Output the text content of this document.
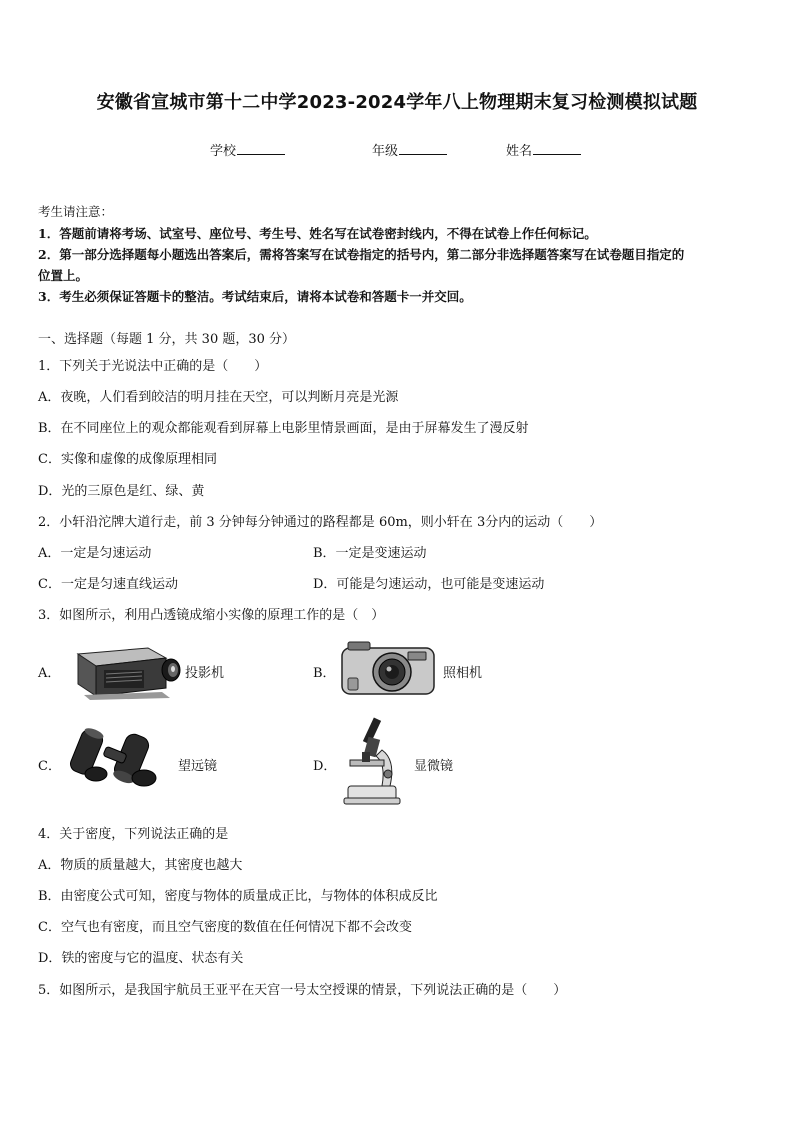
安徽省宣城市第十二中学2023-2024学年八上物理期末复习检测模拟试题
学校	年级	姓名
考生请注意：
1．答题前请将考场、试室号、座位号、考生号、姓名写在试卷密封线内，不得在试卷上作任何标记。
2．第一部分选择题每小题选出答案后，需将答案写在试卷指定的括号内，第二部分非选择题答案写在试卷题目指定的
位置上。
3．考生必须保证答题卡的整洁。考试结束后，请将本试卷和答题卡一并交回。
一、选择题（每题 1 分，共 30 题，30 分）
1．下列关于光说法中正确的是（　　）
A．夜晚，人们看到皎洁的明月挂在天空，可以判断月亮是光源
B．在不同座位上的观众都能观看到屏幕上电影里情景画面，是由于屏幕发生了漫反射
C．实像和虚像的成像原理相同
D．光的三原色是红、绿、黄
2．小轩沿沱牌大道行走，前 3 分钟每分钟通过的路程都是 60m，则小轩在 3分内的运动（　　）
A．一定是匀速运动	B．一定是变速运动
C．一定是匀速直线运动	D．可能是匀速运动，也可能是变速运动
3．如图所示，利用凸透镜成缩小实像的原理工作的是（　）
A．	投影机	B．	照相机
C．	望远镜	D．	显微镜
4．关于密度，下列说法正确的是
A．物质的质量越大，其密度也越大
B．由密度公式可知，密度与物体的质量成正比，与物体的体积成反比
C．空气也有密度，而且空气密度的数值在任何情况下都不会改变
D．铁的密度与它的温度、状态有关
5．如图所示，是我国宇航员王亚平在天宫一号太空授课的情景，下列说法正确的是（　　）
